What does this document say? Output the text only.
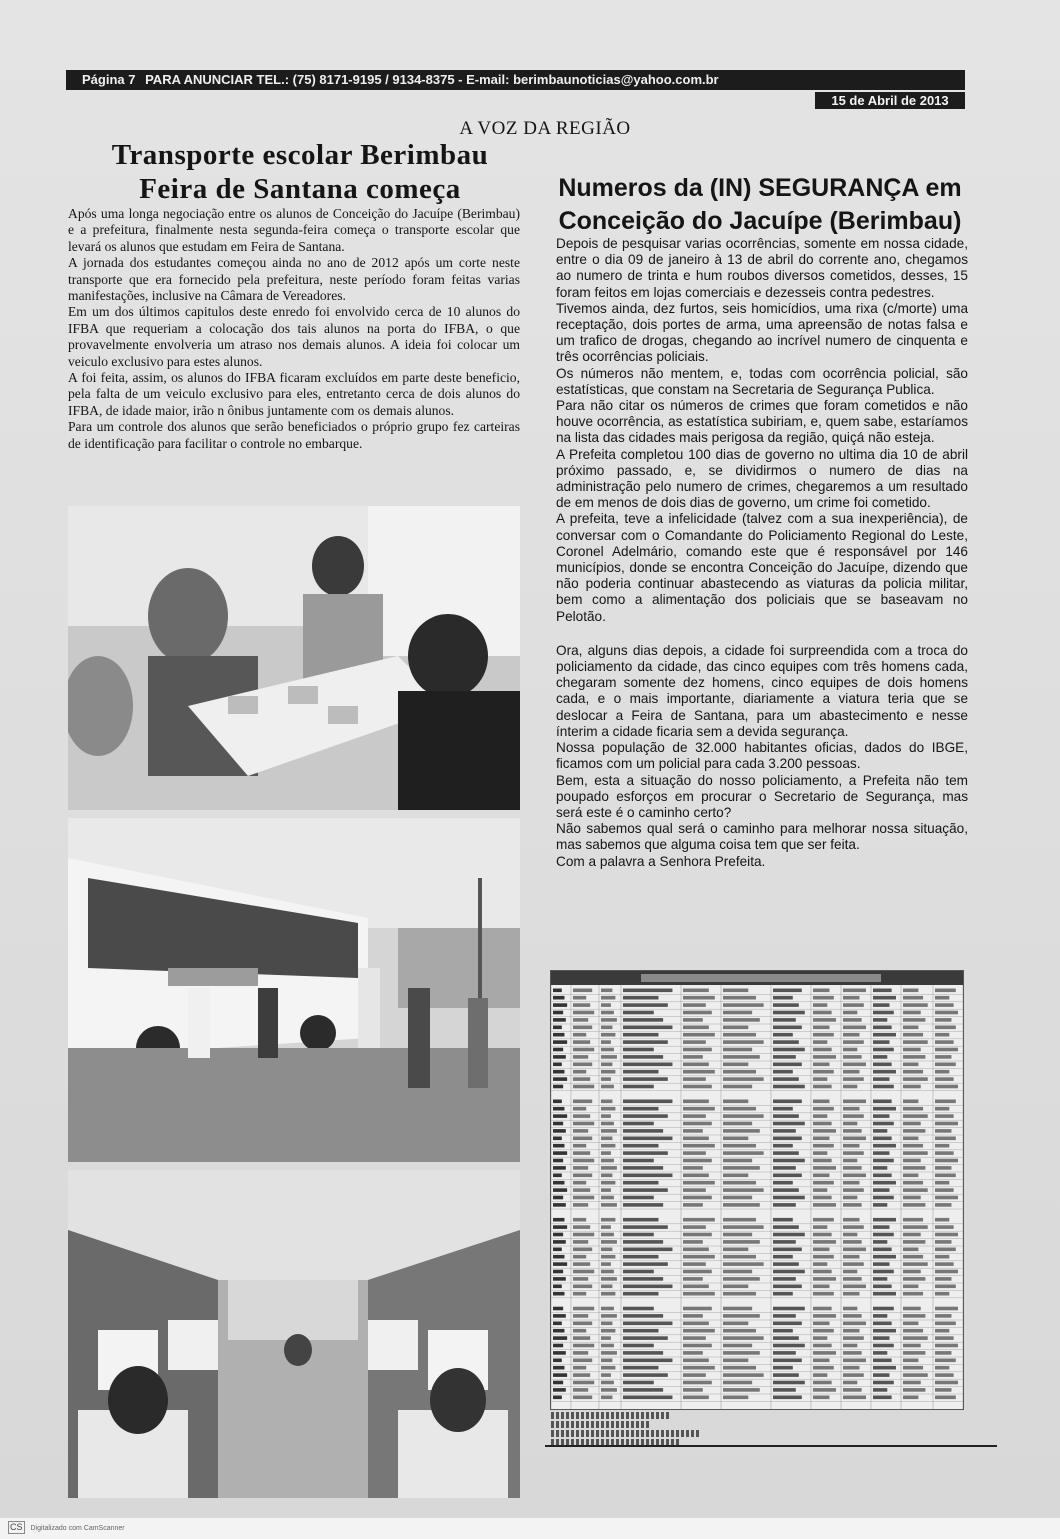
Página 7 PARA ANUNCIAR TEL.: (75) 8171-9195 / 9134-8375 - E-mail: berimbaunoticias@yahoo.com.br
15 de Abril de 2013
A VOZ DA REGIÃO
Transporte escolar Berimbau
Feira de Santana começa

Após uma longa negociação entre os alunos de Conceição do Jacuípe (Berimbau) e a prefeitura, finalmente nesta segunda-feira começa o transporte escolar que levará os alunos que estudam em Feira de Santana.

A jornada dos estudantes começou ainda no ano de 2012 após um corte neste transporte que era fornecido pela prefeitura, neste período foram feitas varias manifestações, inclusive na Câmara de Vereadores.

Em um dos últimos capitulos deste enredo foi envolvido cerca de 10 alunos do IFBA que requeriam a colocação dos tais alunos na porta do IFBA, o que provavelmente envolveria um atraso nos demais alunos. A ideia foi colocar um veiculo exclusivo para estes alunos.

A foi feita, assim, os alunos do IFBA ficaram excluídos em parte deste beneficio, pela falta de um veiculo exclusivo para eles, entretanto cerca de dois alunos do IFBA, de idade maior, irão n ônibus juntamente com os demais alunos.

Para um controle dos alunos que serão beneficiados o próprio grupo fez carteiras de identificação para facilitar o controle no embarque.

Numeros da (IN) SEGURANÇA em
Conceição do Jacuípe (Berimbau)

Depois de pesquisar varias ocorrências, somente em nossa cidade, entre o dia 09 de janeiro à 13 de abril do corrente ano, chegamos ao numero de trinta e hum roubos diversos cometidos, desses, 15 foram feitos em lojas comerciais e dezesseis contra pedestres.

Tivemos ainda, dez furtos, seis homicídios, uma rixa (c/morte) uma receptação, dois portes de arma, uma apreensão de notas falsa e um trafico de drogas, chegando ao incrível numero de cinquenta e três ocorrências policiais.

Os números não mentem, e, todas com ocorrência policial, são estatísticas, que constam na Secretaria de Segurança Publica.

Para não citar os números de crimes que foram cometidos e não houve ocorrência, as estatística subiriam, e, quem sabe, estaríamos na lista das cidades mais perigosa da região, quiçá não esteja.

A Prefeita completou 100 dias de governo no ultima dia 10 de abril próximo passado, e, se dividirmos o numero de dias na administração pelo numero de crimes, chegaremos a um resultado de em menos de dois dias de governo, um crime foi cometido.

A prefeita, teve a infelicidade (talvez com a sua inexperiência), de conversar com o Comandante do Policiamento Regional do Leste, Coronel Adelmário, comando este que é responsável por 146 municípios, donde se encontra Conceição do Jacuípe, dizendo que não poderia continuar abastecendo as viaturas da policia militar, bem como a alimentação dos policiais que se baseavam no Pelotão.

Ora, alguns dias depois, a cidade foi surpreendida com a troca do policiamento da cidade, das cinco equipes com três homens cada, chegaram somente dez homens, cinco equipes de dois homens cada, e o mais importante, diariamente a viatura teria que se deslocar a Feira de Santana, para um abastecimento e nesse ínterim a cidade ficaria sem a devida segurança.

Nossa população de 32.000 habitantes oficias, dados do IBGE, ficamos com um policial para cada 3.200 pessoas.

Bem, esta a situação do nosso policiamento, a Prefeita não tem poupado esforços em procurar o Secretario de Segurança, mas será este é o caminho certo?

Não sabemos qual será o caminho para melhorar nossa situação, mas sabemos que alguma coisa tem que ser feita.

Com a palavra a Senhora Prefeita.

CS Digitalizado com CamScanner
